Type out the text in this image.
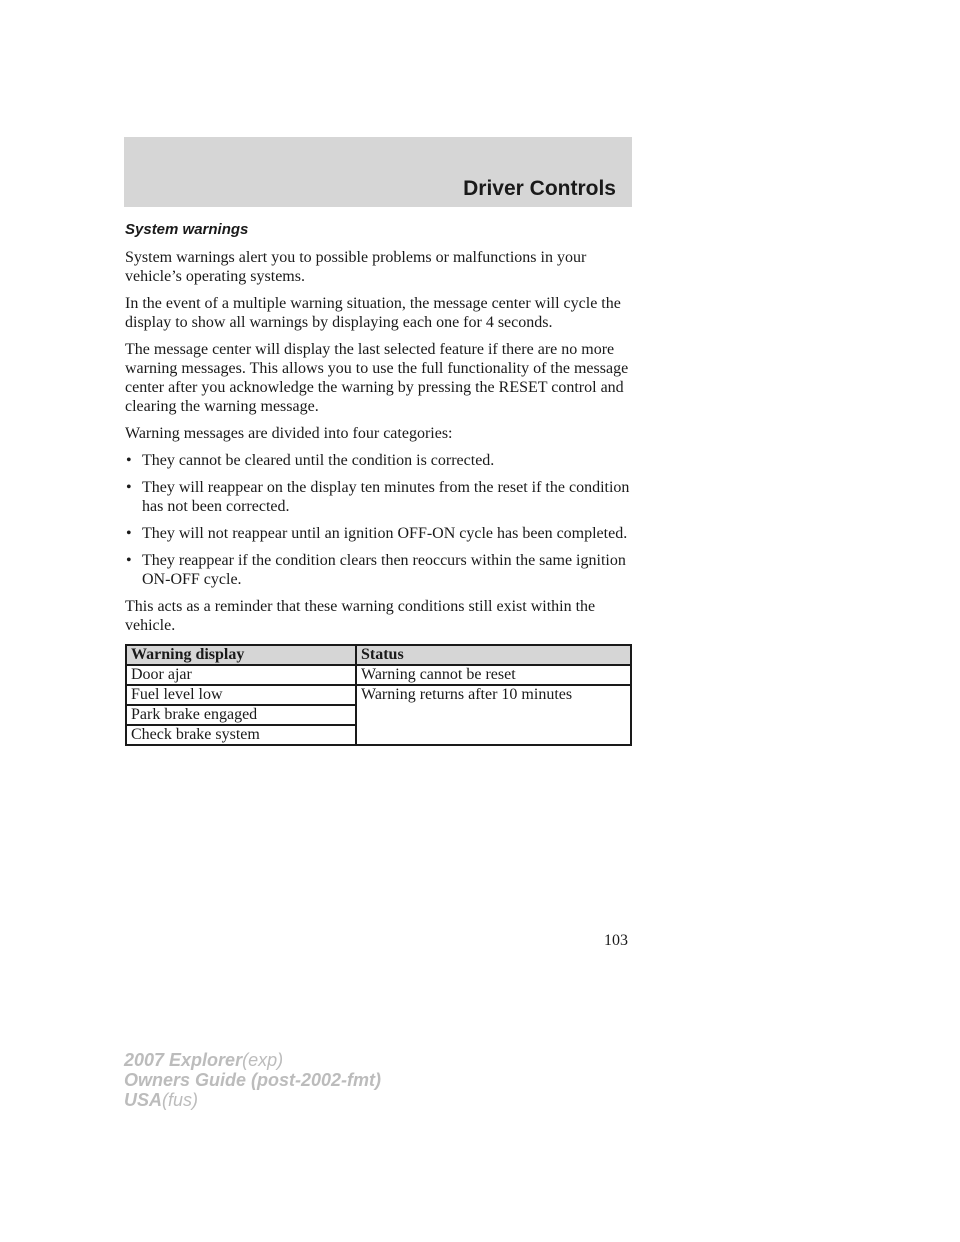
Driver Controls
System warnings

System warnings alert you to possible problems or malfunctions in your vehicle’s operating systems.

In the event of a multiple warning situation, the message center will cycle the display to show all warnings by displaying each one for 4 seconds.

The message center will display the last selected feature if there are no more warning messages. This allows you to use the full functionality of the message center after you acknowledge the warning by pressing the RESET control and clearing the warning message.

Warning messages are divided into four categories:

• They cannot be cleared until the condition is corrected.
• They will reappear on the display ten minutes from the reset if the condition has not been corrected.
• They will not reappear until an ignition OFF-ON cycle has been completed.
• They reappear if the condition clears then reoccurs within the same ignition ON-OFF cycle.

This acts as a reminder that these warning conditions still exist within the vehicle.

Warning display	Status
Door ajar	Warning cannot be reset
Fuel level low	Warning returns after 10 minutes
Park brake engaged	
Check brake system	
103
2007 Explorer(exp)
Owners Guide (post-2002-fmt)
USA(fus)
